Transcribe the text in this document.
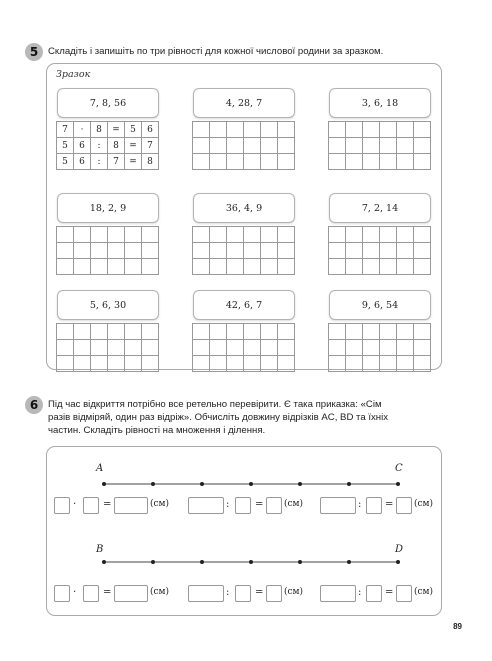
5	Складіть і запишіть по три рівності для кожної числової родини за зразком.
Зразок
7, 8, 56	4, 28, 7	3, 6, 18
7	·	8	=	5	6
5	6	:	8	=	7
5	6	:	7	=	8
18, 2, 9	36, 4, 9	7, 2, 14
5, 6, 30	42, 6, 7	9, 6, 54
6	Під час відкриття потрібно все ретельно перевірити. Є така приказка: «Сім
разів відміряй, один раз відріж». Обчисліть довжину відрізків AC, BD та їхніх
частин. Складіть рівності на множення і ділення.
A	C
B	D
·	=	(см)	:	= (см)	: = (см)
·	=	(см)	:	= (см)	: = (см)
89
